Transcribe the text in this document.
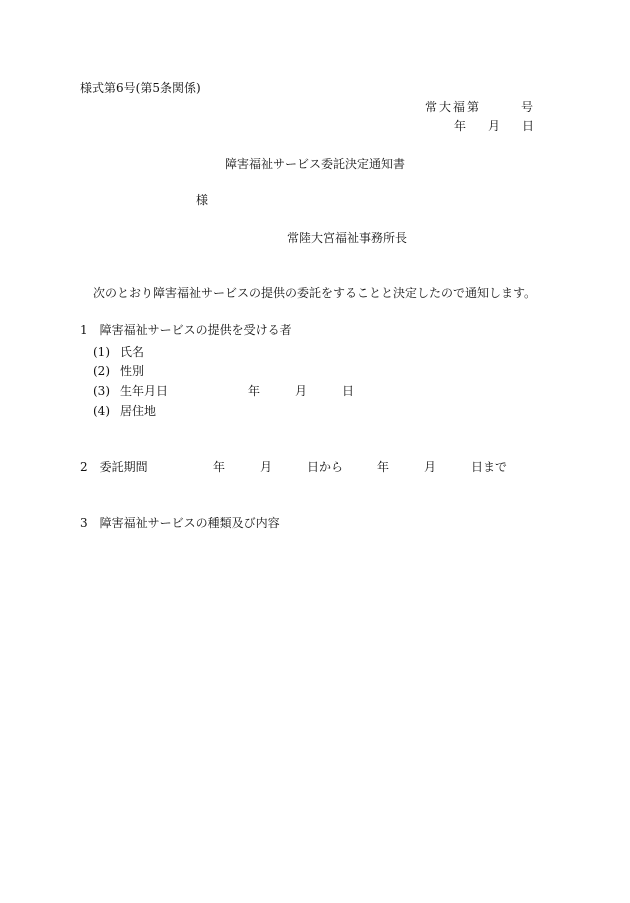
様式第6号(第5条関係)

常大福第	号

年 月 日

障害福祉サービス委託決定通知書

様

常陸大宮福祉事務所長

次のとおり障害福祉サービスの提供の委託をすることと決定したので通知します。

1　障害福祉サービスの提供を受ける者

(1) 氏名

(2) 性別

(3) 生年月日	年	月	日

(4) 居住地

2　委託期間	年	月	日から	年	月	日まで

3　障害福祉サービスの種類及び内容
